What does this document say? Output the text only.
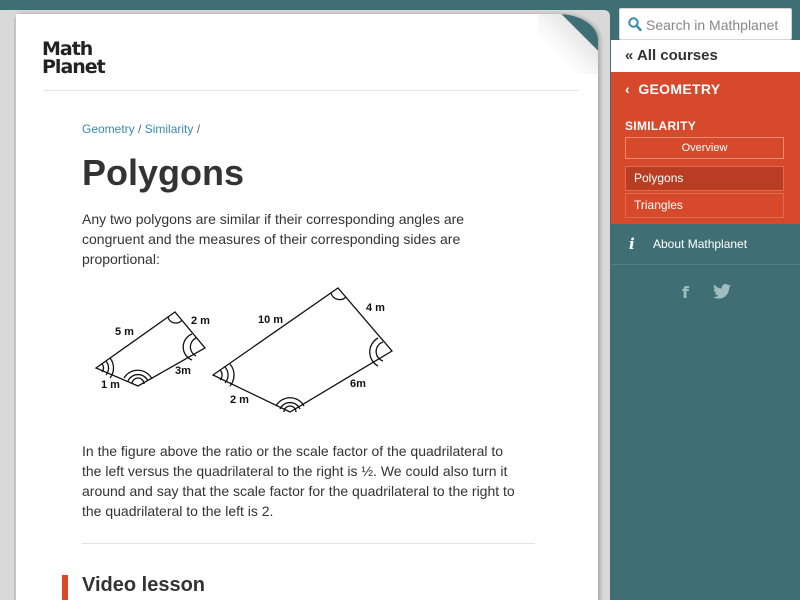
Math
Planet
Geometry / Similarity /
Polygons

Any two polygons are similar if their corresponding angles are congruent and the measures of their corresponding sides are proportional:

5 m
2 m
1 m
3m
10 m
4 m
2 m
6m

In the figure above the ratio or the scale factor of the quadrilateral to the left versus the quadrilateral to the right is ½. We could also turn it around and say that the scale factor for the quadrilateral to the right to the quadrilateral to the left is 2.

Video lesson
Search in Mathplanet
« All courses
‹ GEOMETRY
SIMILARITY
Overview
Polygons
Triangles
i About Mathplanet
f
